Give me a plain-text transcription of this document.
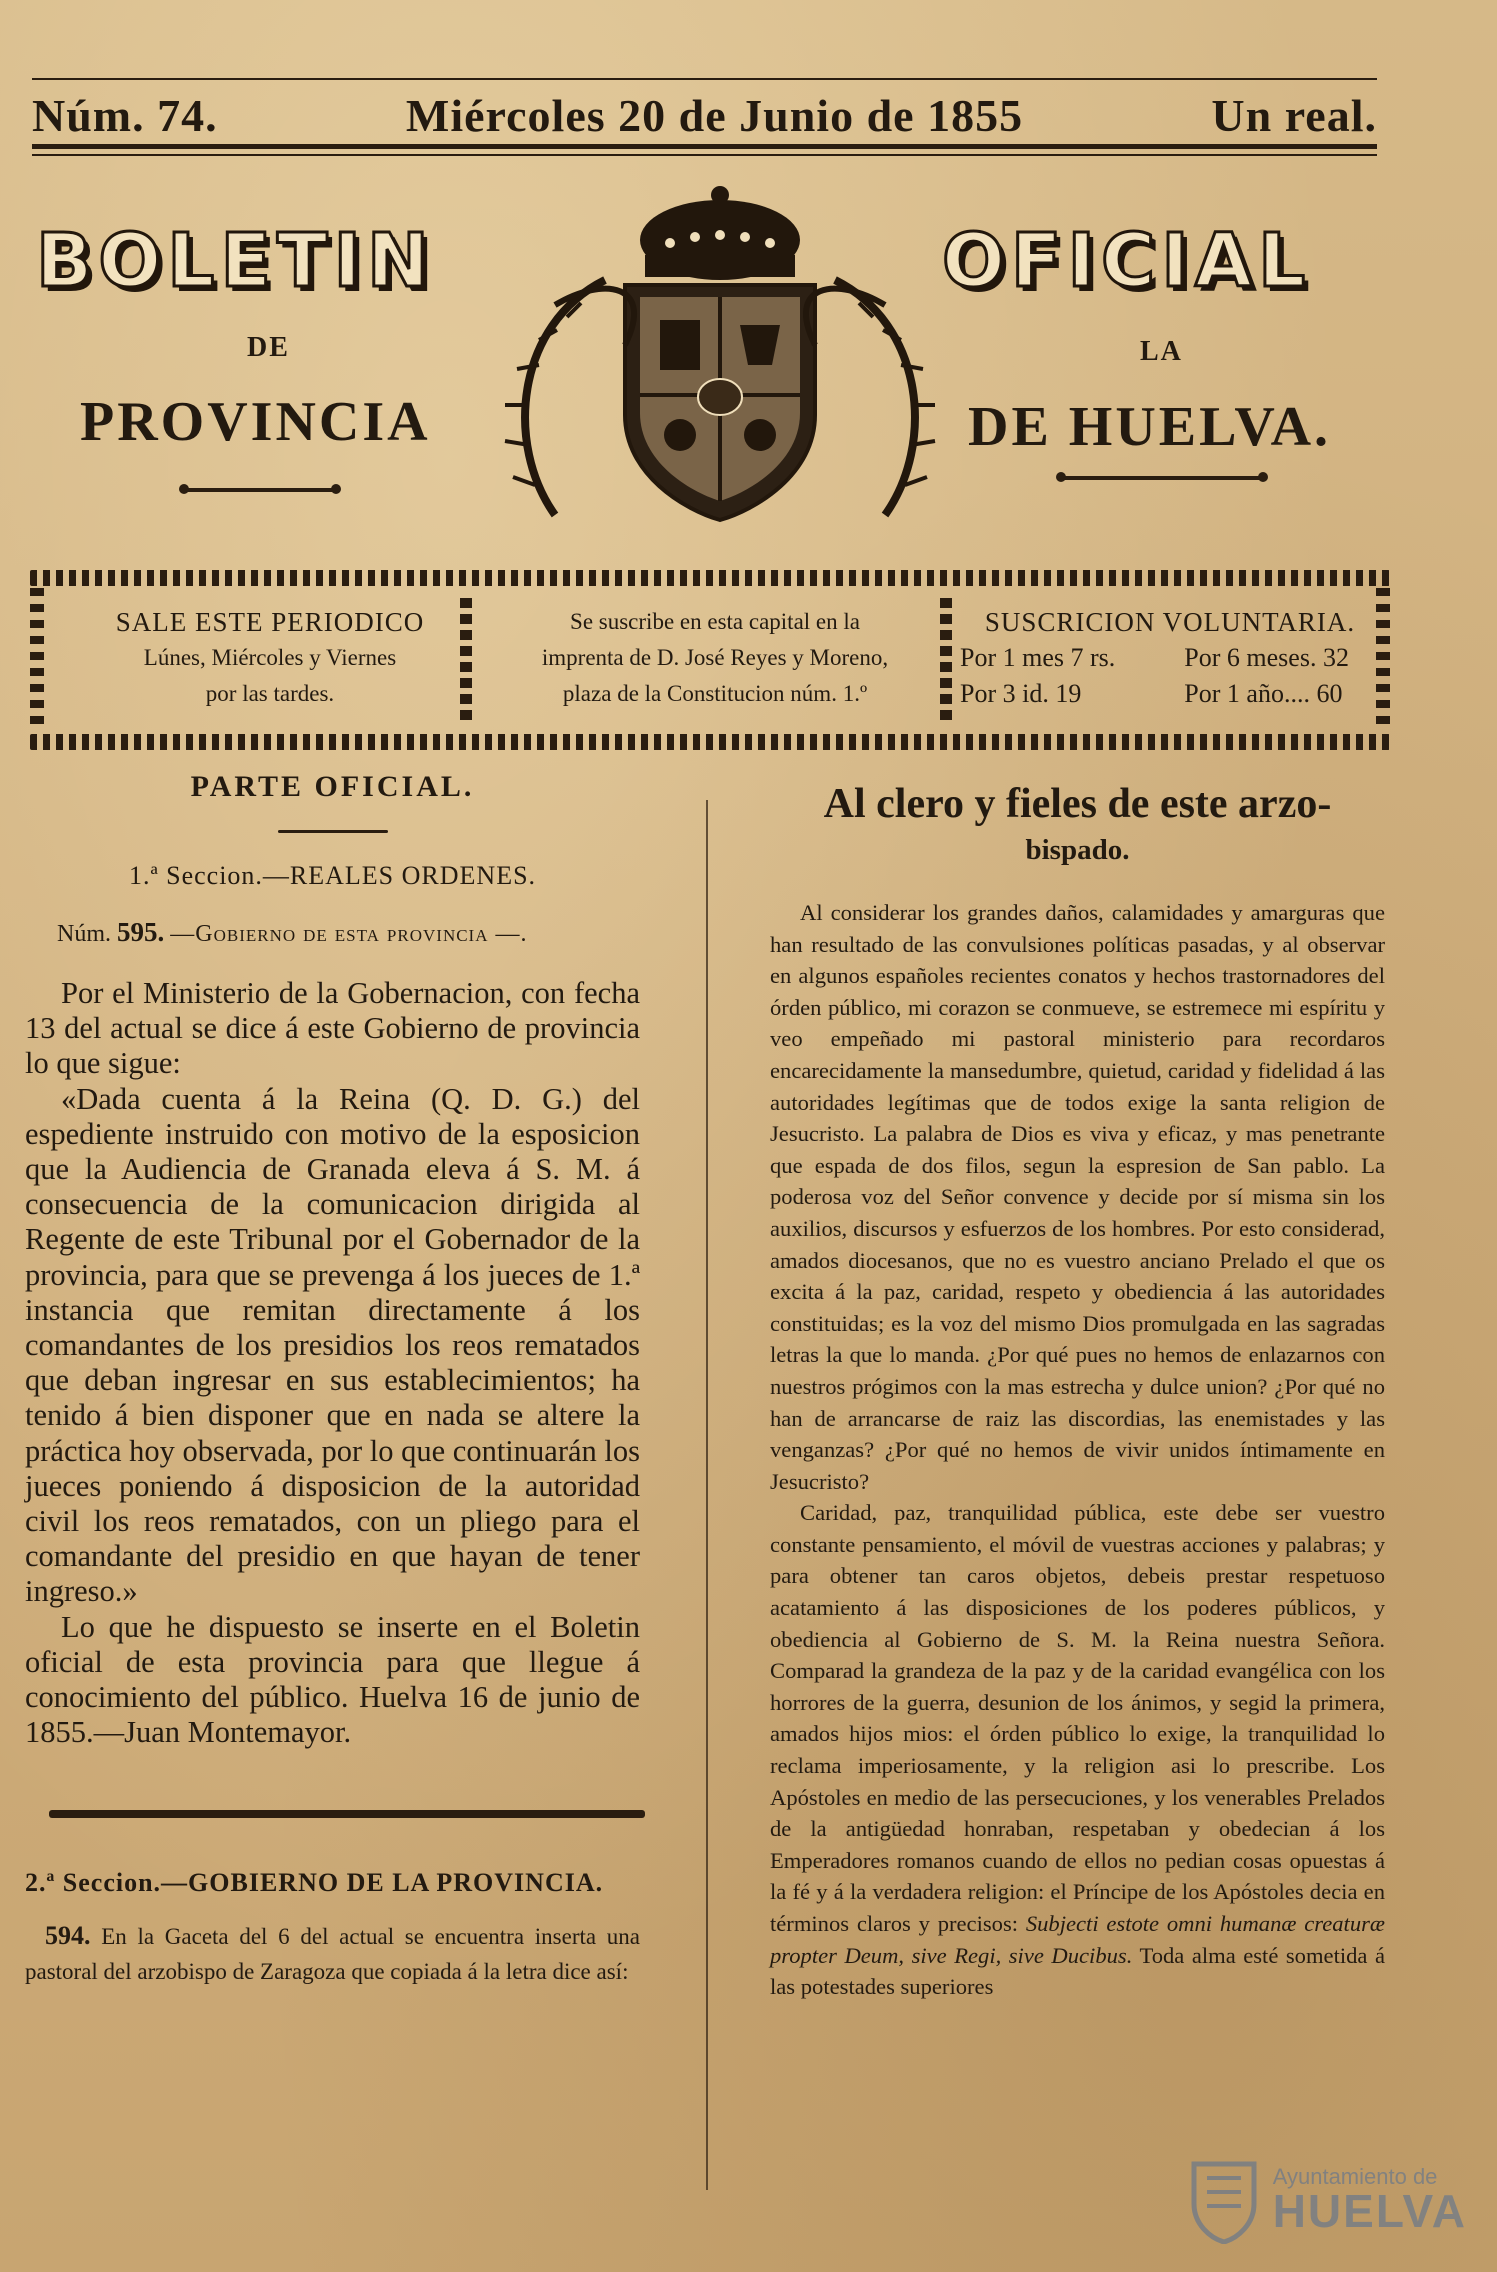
Núm. 74.	Miércoles 20 de Junio de 1855	Un real.
BOLETIN	OFICIAL
DE	LA
PROVINCIA	DE HUELVA.
SALE ESTE PERIODICO
Lúnes, Miércoles y Viernes
por las tardes.
Se suscribe en esta capital en la
imprenta de D. José Reyes y Moreno,
plaza de la Constitucion núm. 1.º
SUSCRICION VOLUNTARIA.
Por 1 mes 7 rs.	Por 6 meses. 32
Por 3 id. 19	Por 1 año.... 60
PARTE OFICIAL.

1.ª Seccion.—REALES ORDENES.

Núm. 595. —Gobierno de esta provincia —.

Por el Ministerio de la Gobernacion, con fecha 13 del actual se dice á este Gobierno de provincia lo que sigue:

«Dada cuenta á la Reina (Q. D. G.) del espediente instruido con motivo de la esposicion que la Audiencia de Granada eleva á S. M. á consecuencia de la comunicacion dirigida al Regente de este Tribunal por el Gobernador de la provincia, para que se prevenga á los jueces de 1.ª instancia que remitan directamente á los comandantes de los presidios los reos rematados que deban ingresar en sus establecimientos; ha tenido á bien disponer que en nada se altere la práctica hoy observada, por lo que continuarán los jueces poniendo á disposicion de la autoridad civil los reos rematados, con un pliego para el comandante del presidio en que hayan de tener ingreso.»

Lo que he dispuesto se inserte en el Boletin oficial de esta provincia para que llegue á conocimiento del público. Huelva 16 de junio de 1855.—Juan Montemayor.

2.ª Seccion.—GOBIERNO DE LA PROVINCIA.

594. En la Gaceta del 6 del actual se encuentra inserta una pastoral del arzobispo de Zaragoza que copiada á la letra dice así:

Al clero y fieles de este arzo-
bispado.

Al considerar los grandes daños, calamidades y amarguras que han resultado de las convulsiones políticas pasadas, y al observar en algunos españoles recientes conatos y hechos trastornadores del órden público, mi corazon se conmueve, se estremece mi espíritu y veo empeñado mi pastoral ministerio para recordaros encarecidamente la mansedumbre, quietud, caridad y fidelidad á las autoridades legítimas que de todos exige la santa religion de Jesucristo. La palabra de Dios es viva y eficaz, y mas penetrante que espada de dos filos, segun la espresion de San pablo. La poderosa voz del Señor convence y decide por sí misma sin los auxilios, discursos y esfuerzos de los hombres. Por esto considerad, amados diocesanos, que no es vuestro anciano Prelado el que os excita á la paz, caridad, respeto y obediencia á las autoridades constituidas; es la voz del mismo Dios promulgada en las sagradas letras la que lo manda. ¿Por qué pues no hemos de enlazarnos con nuestros prógimos con la mas estrecha y dulce union? ¿Por qué no han de arrancarse de raiz las discordias, las enemistades y las venganzas? ¿Por qué no hemos de vivir unidos íntimamente en Jesucristo?

Caridad, paz, tranquilidad pública, este debe ser vuestro constante pensamiento, el móvil de vuestras acciones y palabras; y para obtener tan caros objetos, debeis prestar respetuoso acatamiento á las disposiciones de los poderes públicos, y obediencia al Gobierno de S. M. la Reina nuestra Señora. Comparad la grandeza de la paz y de la caridad evangélica con los horrores de la guerra, desunion de los ánimos, y segid la primera, amados hijos mios: el órden público lo exige, la tranquilidad lo reclama imperiosamente, y la religion asi lo prescribe. Los Apóstoles en medio de las persecuciones, y los venerables Prelados de la antigüedad honraban, respetaban y obedecian á los Emperadores romanos cuando de ellos no pedian cosas opuestas á la fé y á la verdadera religion: el Príncipe de los Apóstoles decia en términos claros y precisos: Subjecti estote omni humanæ creaturæ propter Deum, sive Regi, sive Ducibus. Toda alma esté sometida á las potestades superiores

Ayuntamiento de
HUELVA
